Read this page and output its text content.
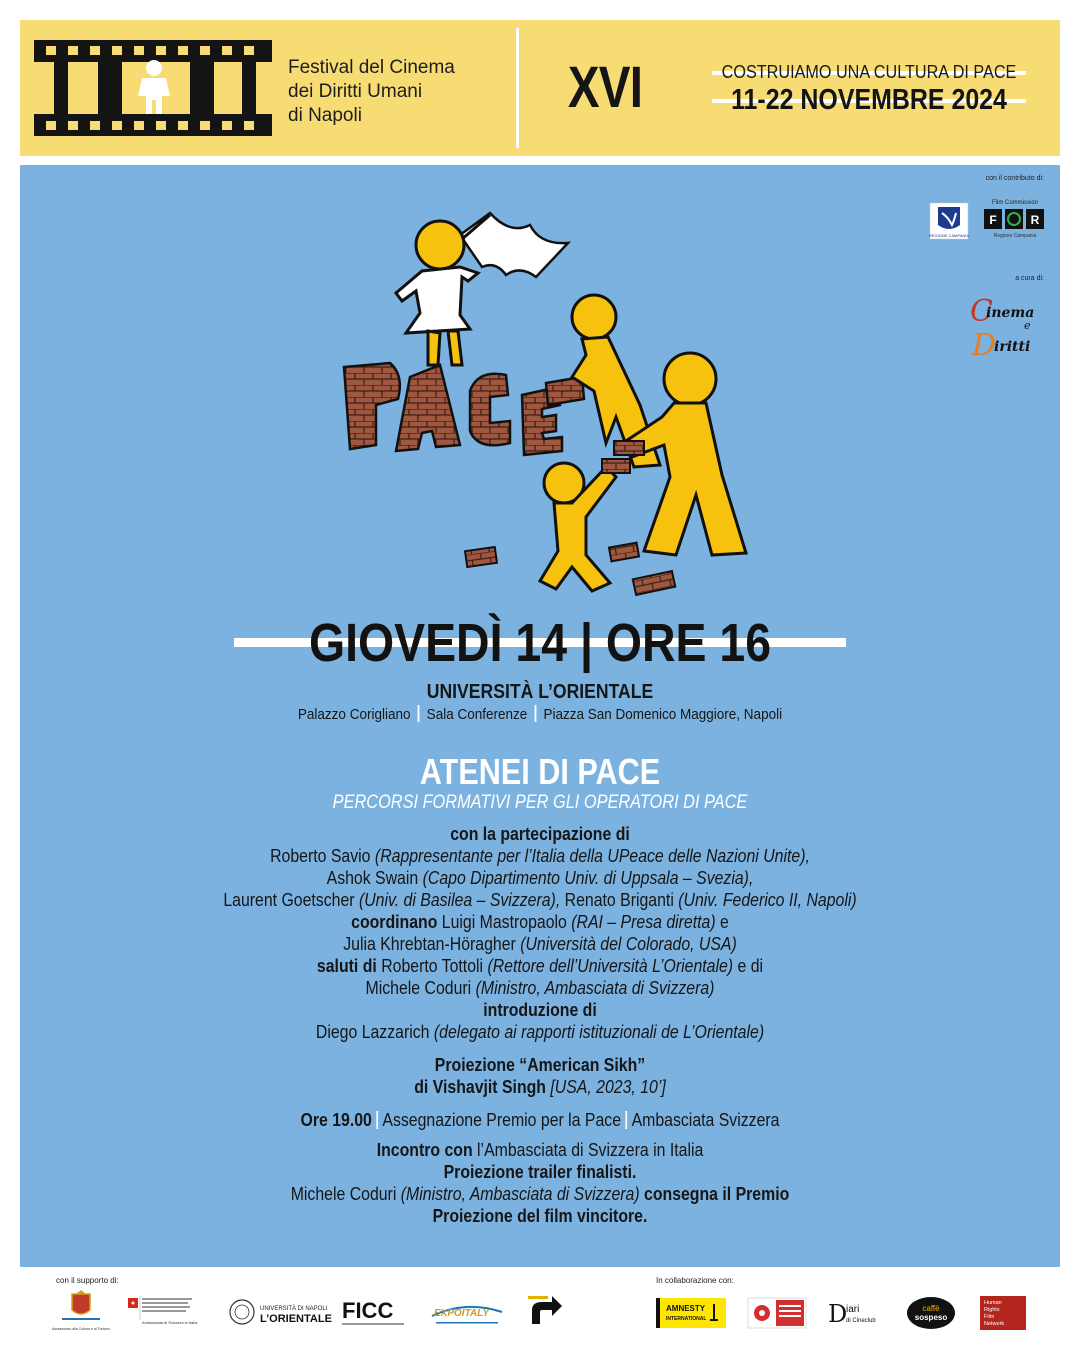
Festival del Cinema
dei Diritti Umani
di Napoli	XVI	COSTRUIAMO UNA CULTURA DI PACE
11-22 NOVEMBRE 2024
con il contributo di:
REGIONE CAMPANIA
Film Commission
F	R
Regione Campania
a cura di:
C
inema
e
D
iritti
GIOVEDÌ 14 | ORE 16
UNIVERSITÀ L’ORIENTALE
Palazzo Corigliano Sala Conferenze Piazza San Domenico Maggiore, Napoli
ATENEI DI PACE
PERCORSI FORMATIVI PER GLI OPERATORI DI PACE
con la partecipazione di
Roberto Savio (Rappresentante per l’Italia della UPeace delle Nazioni Unite),
Ashok Swain (Capo Dipartimento Univ. di Uppsala – Svezia),
Laurent Goetscher (Univ. di Basilea – Svizzera), Renato Briganti (Univ. Federico II, Napoli)
coordinano Luigi Mastropaolo (RAI – Presa diretta) e
Julia Khrebtan-Höragher (Università del Colorado, USA)
saluti di Roberto Tottoli (Rettore dell’Università L’Orientale) e di
Michele Coduri (Ministro, Ambasciata di Svizzera)
introduzione di
Diego Lazzarich (delegato ai rapporti istituzionali de L’Orientale)
Proiezione “American Sikh”
di Vishavjit Singh [USA, 2023, 10’]
Ore 19.00 Assegnazione Premio per la Pace Ambasciata Svizzera
Incontro con l’Ambasciata di Svizzera in Italia
Proiezione trailer finalisti.
Michele Coduri (Ministro, Ambasciata di Svizzera) consegna il Premio
Proiezione del film vincitore.
con il supporto di:	In collaborazione con:
Assessorato alla Cultura e al Turismo
Ambasciata di Svizzera in Italia
UNIVERSITÀ DI NAPOLI
L’ORIENTALE FICC	EXPOITALY	AMNESTY
INTERNATIONAL	D
iari
di Cineclub
caffè
sospeso
Human
Rights
Film
Network
